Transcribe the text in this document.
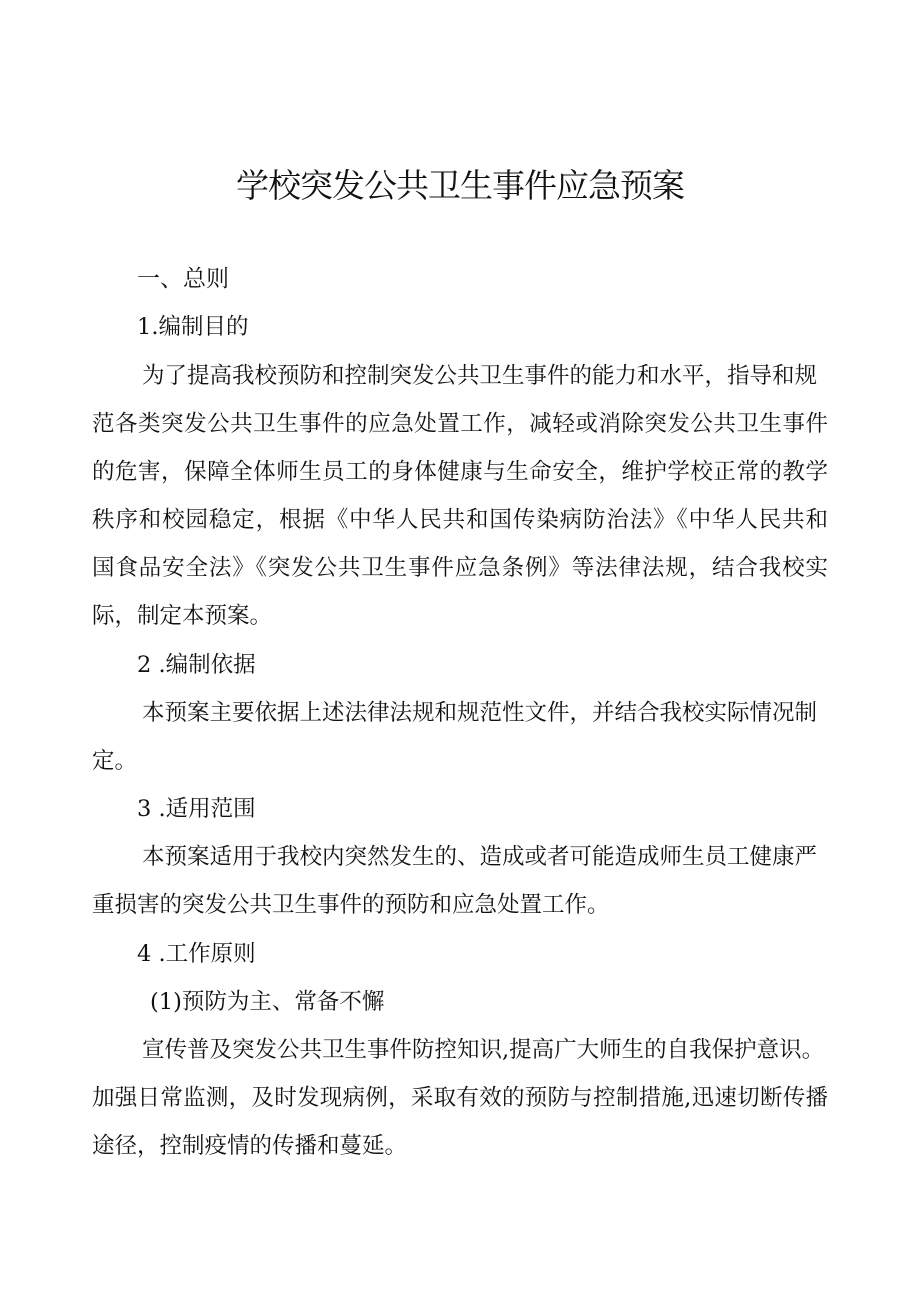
学校突发公共卫生事件应急预案

一、总则

1.编制目的

为了提高我校预防和控制突发公共卫生事件的能力和水平，指导和规

范各类突发公共卫生事件的应急处置工作，减轻或消除突发公共卫生事件

的危害，保障全体师生员工的身体健康与生命安全，维护学校正常的教学

秩序和校园稳定，根据《中华人民共和国传染病防治法》《中华人民共和

国食品安全法》《突发公共卫生事件应急条例》等法律法规，结合我校实

际，制定本预案。

2 .编制依据

本预案主要依据上述法律法规和规范性文件，并结合我校实际情况制

定。

3 .适用范围

本预案适用于我校内突然发生的、造成或者可能造成师生员工健康严

重损害的突发公共卫生事件的预防和应急处置工作。

4 .工作原则

(1)预防为主、常备不懈

宣传普及突发公共卫生事件防控知识,提高广大师生的自我保护意识。

加强日常监测，及时发现病例，采取有效的预防与控制措施,迅速切断传播

途径，控制疫情的传播和蔓延。
